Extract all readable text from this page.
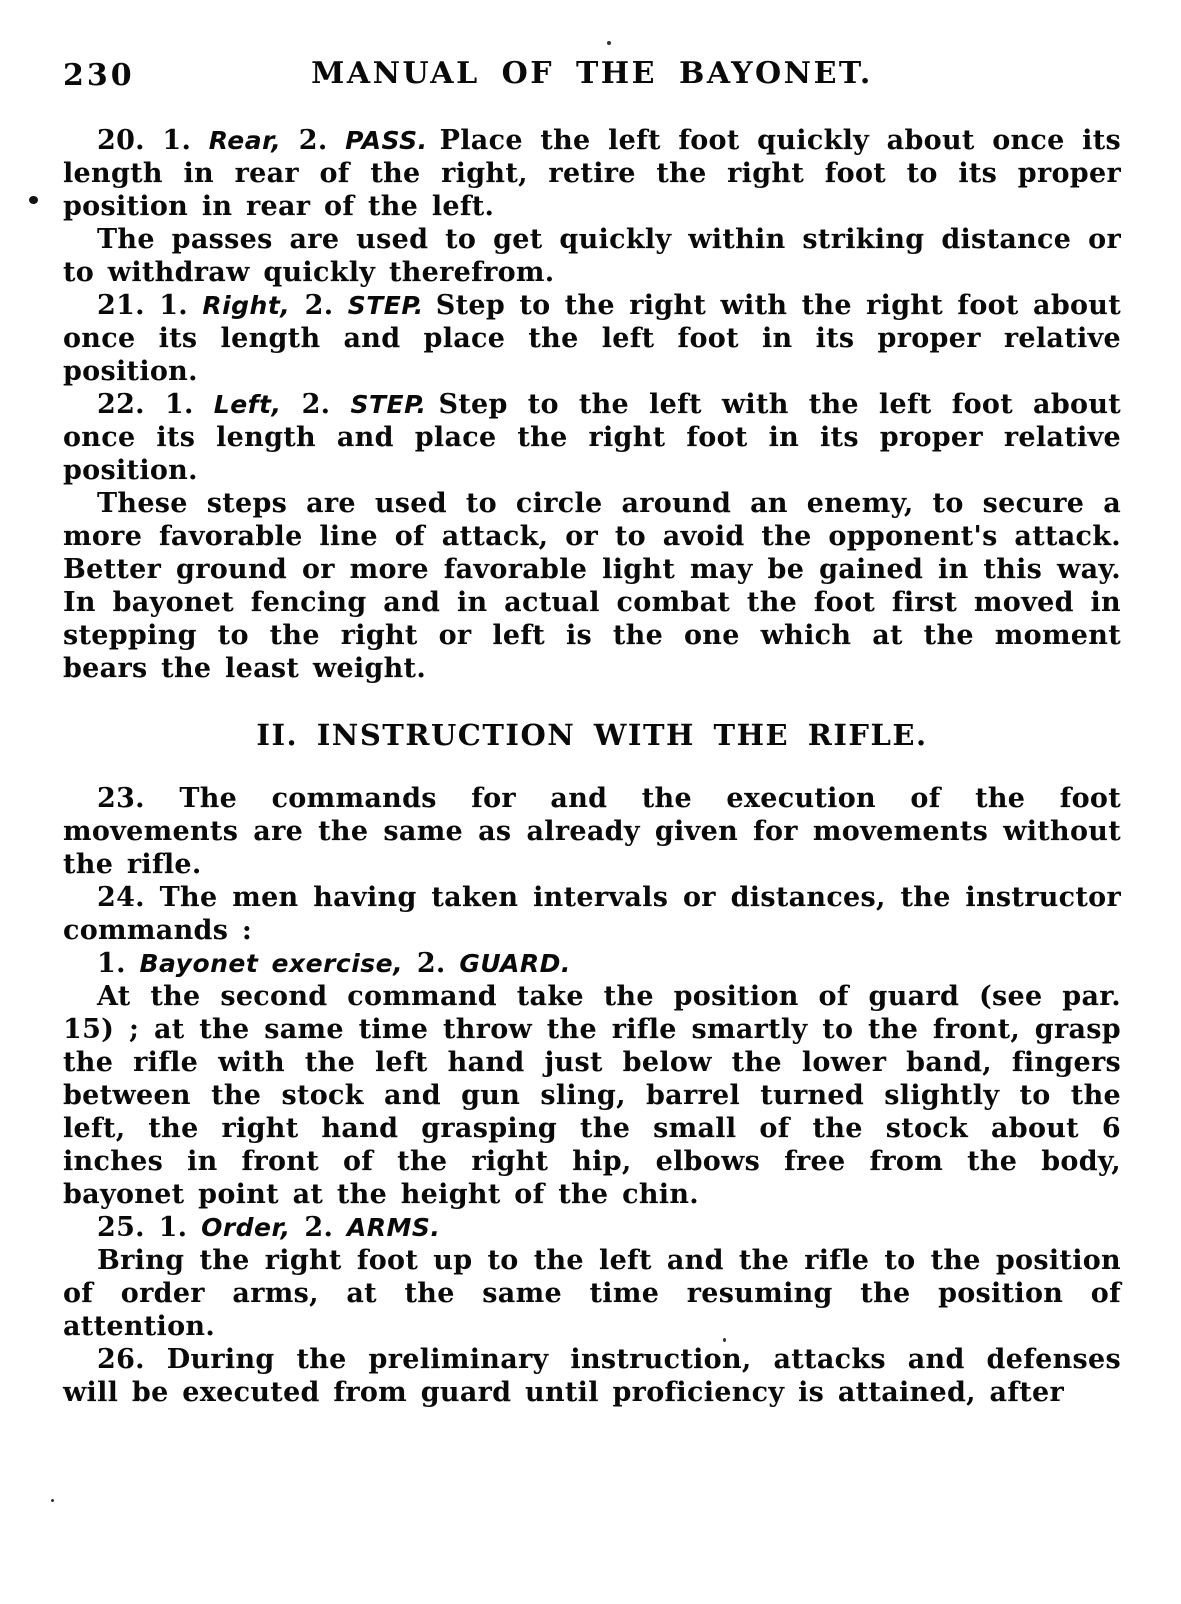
230	MANUAL OF THE BAYONET.

20. 1. Rear, 2. PASS. Place the left foot quickly about once its length in rear of the right, retire the right foot to its proper position in rear of the left.

The passes are used to get quickly within striking distance or to withdraw quickly therefrom.

21. 1. Right, 2. STEP. Step to the right with the right foot about once its length and place the left foot in its proper relative position.

22. 1. Left, 2. STEP. Step to the left with the left foot about once its length and place the right foot in its proper relative position.

These steps are used to circle around an enemy, to secure a more favorable line of attack, or to avoid the opponent's attack. Better ground or more favorable light may be gained in this way. In bayonet fencing and in actual combat the foot first moved in stepping to the right or left is the one which at the moment bears the least weight.

II. INSTRUCTION WITH THE RIFLE.

23. The commands for and the execution of the foot movements are the same as already given for movements without the rifle.

24. The men having taken intervals or distances, the instructor commands :

1. Bayonet exercise, 2. GUARD.

At the second command take the position of guard (see par. 15) ; at the same time throw the rifle smartly to the front, grasp the rifle with the left hand just below the lower band, fingers between the stock and gun sling, barrel turned slightly to the left, the right hand grasping the small of the stock about 6 inches in front of the right hip, elbows free from the body, bayonet point at the height of the chin.

25. 1. Order, 2. ARMS.

Bring the right foot up to the left and the rifle to the position of order arms, at the same time resuming the position of attention.

26. During the preliminary instruction, attacks and defenses will be executed from guard until proficiency is attained, after
